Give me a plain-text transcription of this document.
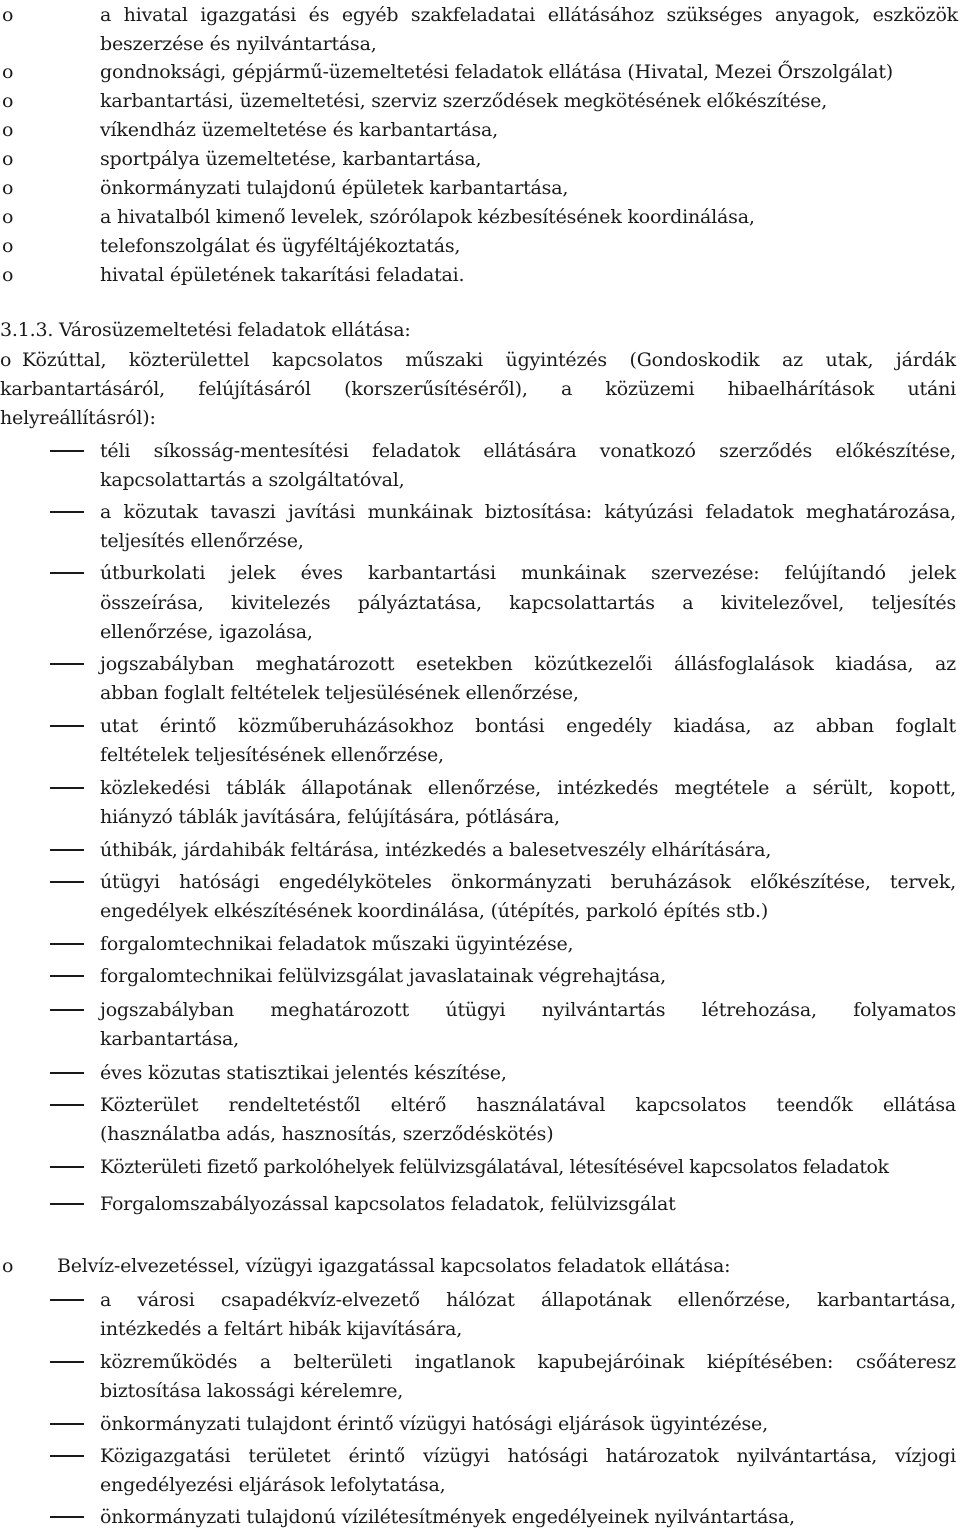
o	a hivatal igazgatási és egyéb szakfeladatai ellátásához szükséges anyagok, eszközök
beszerzése és nyilvántartása,
o	gondnoksági, gépjármű-üzemeltetési feladatok ellátása (Hivatal, Mezei Őrszolgálat)
o	karbantartási, üzemeltetési, szerviz szerződések megkötésének előkészítése,
o	víkendház üzemeltetése és karbantartása,
o	sportpálya üzemeltetése, karbantartása,
o	önkormányzati tulajdonú épületek karbantartása,
o	a hivatalból kimenő levelek, szórólapok kézbesítésének koordinálása,
o	telefonszolgálat és ügyféltájékoztatás,
o	hivatal épületének takarítási feladatai.
3.1.3. Városüzemeltetési feladatok ellátása:
o Közúttal, közterülettel kapcsolatos műszaki ügyintézés (Gondoskodik az utak, járdák
karbantartásáról, felújításáról (korszerűsítéséről), a közüzemi hibaelhárítások utáni
helyreállításról):
téli síkosság-mentesítési feladatok ellátására vonatkozó szerződés előkészítése,
kapcsolattartás a szolgáltatóval,
a közutak tavaszi javítási munkáinak biztosítása: kátyúzási feladatok meghatározása,
teljesítés ellenőrzése,
útburkolati jelek éves karbantartási munkáinak szervezése: felújítandó jelek
összeírása, kivitelezés pályáztatása, kapcsolattartás a kivitelezővel, teljesítés
ellenőrzése, igazolása,
jogszabályban meghatározott esetekben közútkezelői állásfoglalások kiadása, az
abban foglalt feltételek teljesülésének ellenőrzése,
utat érintő közműberuházásokhoz bontási engedély kiadása, az abban foglalt
feltételek teljesítésének ellenőrzése,
közlekedési táblák állapotának ellenőrzése, intézkedés megtétele a sérült, kopott,
hiányzó táblák javítására, felújítására, pótlására,
úthibák, járdahibák feltárása, intézkedés a balesetveszély elhárítására,
útügyi hatósági engedélyköteles önkormányzati beruházások előkészítése, tervek,
engedélyek elkészítésének koordinálása, (útépítés, parkoló építés stb.)
forgalomtechnikai feladatok műszaki ügyintézése,
forgalomtechnikai felülvizsgálat javaslatainak végrehajtása,
jogszabályban meghatározott útügyi nyilvántartás létrehozása, folyamatos
karbantartása,
éves közutas statisztikai jelentés készítése,
Közterület rendeltetéstől eltérő használatával kapcsolatos teendők ellátása
(használatba adás, hasznosítás, szerződéskötés)
Közterületi fizető parkolóhelyek felülvizsgálatával, létesítésével kapcsolatos feladatok
Forgalomszabályozással kapcsolatos feladatok, felülvizsgálat
o Belvíz-elvezetéssel, vízügyi igazgatással kapcsolatos feladatok ellátása:
a városi csapadékvíz-elvezető hálózat állapotának ellenőrzése, karbantartása,
intézkedés a feltárt hibák kijavítására,
közreműködés a belterületi ingatlanok kapubejáróinak kiépítésében: csőáteresz
biztosítása lakossági kérelemre,
önkormányzati tulajdont érintő vízügyi hatósági eljárások ügyintézése,
Közigazgatási területet érintő vízügyi hatósági határozatok nyilvántartása, vízjogi
engedélyezési eljárások lefolytatása,
önkormányzati tulajdonú vízilétesítmények engedélyeinek nyilvántartása,
